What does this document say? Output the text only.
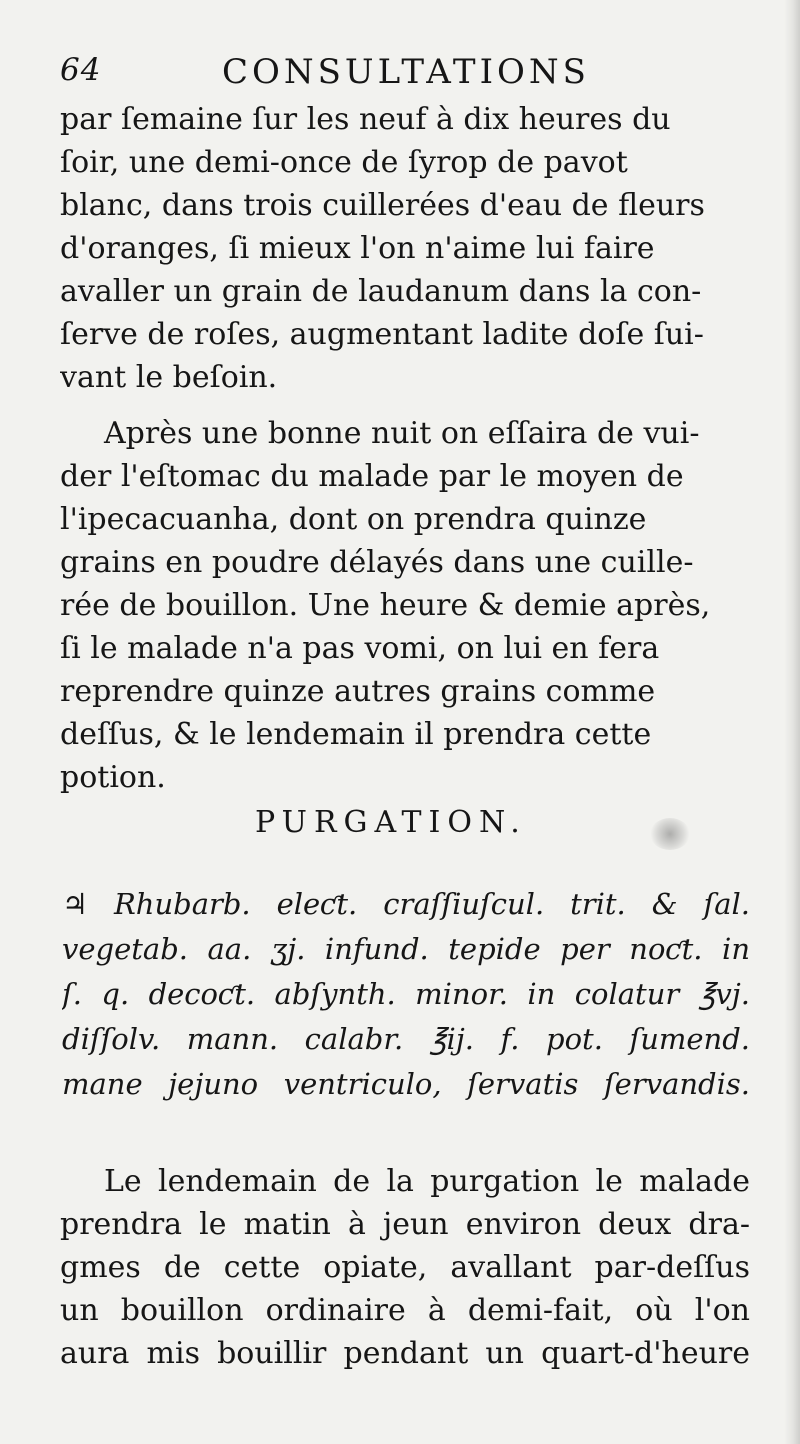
64	CONSULTATIONS
par ſemaine ſur les neuf à dix heures du
ſoir, une demi-once de ſyrop de pavot
blanc, dans trois cuillerées d'eau de fleurs
d'oranges, ſi mieux l'on n'aime lui faire
avaller un grain de laudanum dans la con-
ſerve de roſes, augmentant ladite doſe ſui-
vant le beſoin.
Après une bonne nuit on eſſaira de vui-
der l'eſtomac du malade par le moyen de
l'ipecacuanha, dont on prendra quinze
grains en poudre délayés dans une cuille-
rée de bouillon. Une heure & demie après,
ſi le malade n'a pas vomi, on lui en fera
reprendre quinze autres grains comme
deſſus, & le lendemain il prendra cette
potion.
PURGATION.
♃ Rhubarb. eleƈt. craſſiuſcul. trit. & ſal.
vegetab. aa. ʒj. infund. tepide per noƈt. in
ſ. q. decoƈt. abſynth. minor. in colatur ℥vj.
diſſolv. mann. calabr. ℥ij. f. pot. ſumend.
mane jejuno ventriculo, ſervatis ſervandis.
Le lendemain de la purgation le malade
prendra le matin à jeun environ deux dra-
gmes de cette opiate, avallant par-deſſus
un bouillon ordinaire à demi-fait, où l'on
aura mis bouillir pendant un quart-d'heure
